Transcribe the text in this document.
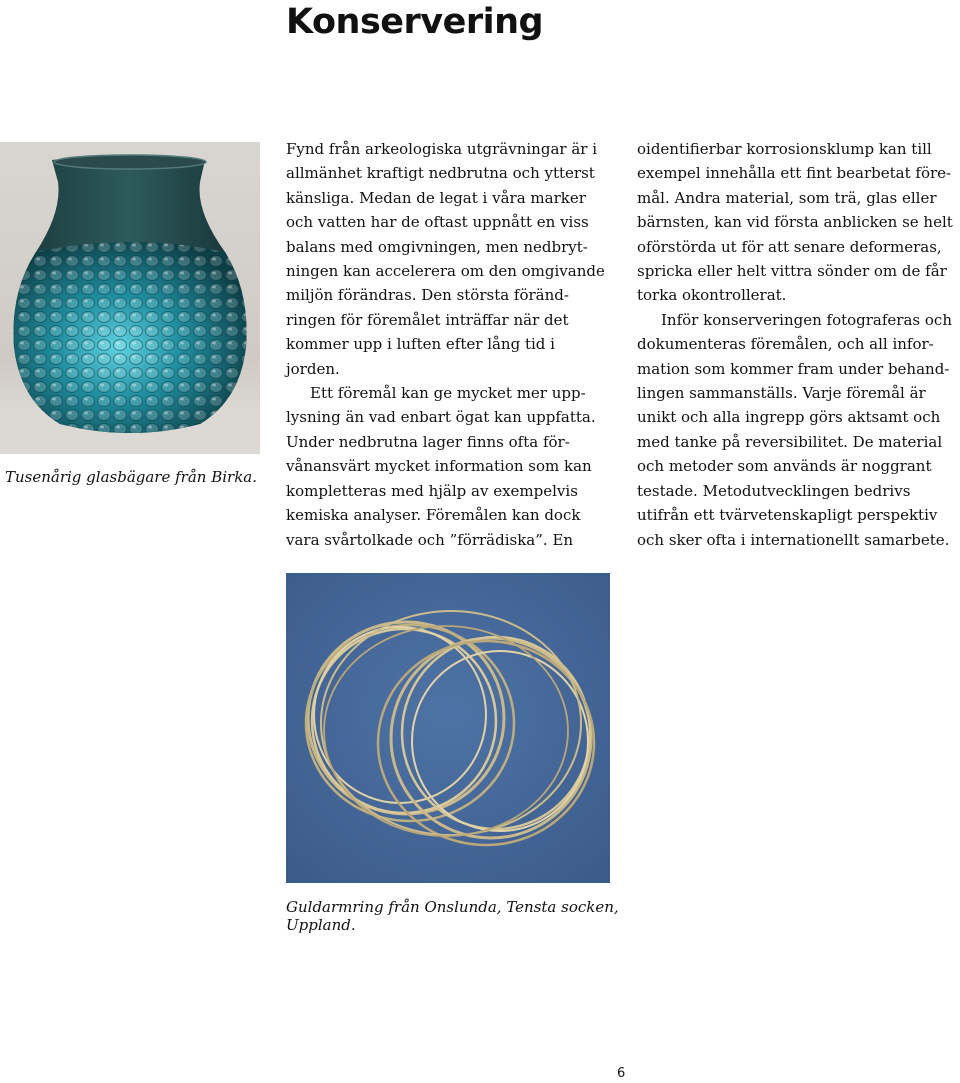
Konservering
Tusenårig glasbägare från Birka.
Fynd från arkeologiska utgrävningar är i
allmänhet kraftigt nedbrutna och ytterst
känsliga. Medan de legat i våra marker
och vatten har de oftast uppnått en viss
balans med omgivningen, men nedbryt-
ningen kan accelerera om den omgivande
miljön förändras. Den största föränd-
ringen för föremålet inträffar när det
kommer upp i luften efter lång tid i
jorden.
Ett föremål kan ge mycket mer upp-
lysning än vad enbart ögat kan uppfatta.
Under nedbrutna lager finns ofta för-
vånansvärt mycket information som kan
kompletteras med hjälp av exempelvis
kemiska analyser. Föremålen kan dock
vara svårtolkade och ”förrädiska”. En
oidentifierbar korrosionsklump kan till
exempel innehålla ett fint bearbetat före-
mål. Andra material, som trä, glas eller
bärnsten, kan vid första anblicken se helt
oförstörda ut för att senare deformeras,
spricka eller helt vittra sönder om de får
torka okontrollerat.
Inför konserveringen fotograferas och
dokumenteras föremålen, och all infor-
mation som kommer fram under behand-
lingen sammanställs. Varje föremål är
unikt och alla ingrepp görs aktsamt och
med tanke på reversibilitet. De material
och metoder som används är noggrant
testade. Metodutvecklingen bedrivs
utifrån ett tvärvetenskapligt perspektiv
och sker ofta i internationellt samarbete.
Guldarmring från Onslunda, Tensta socken,
Uppland.
6
